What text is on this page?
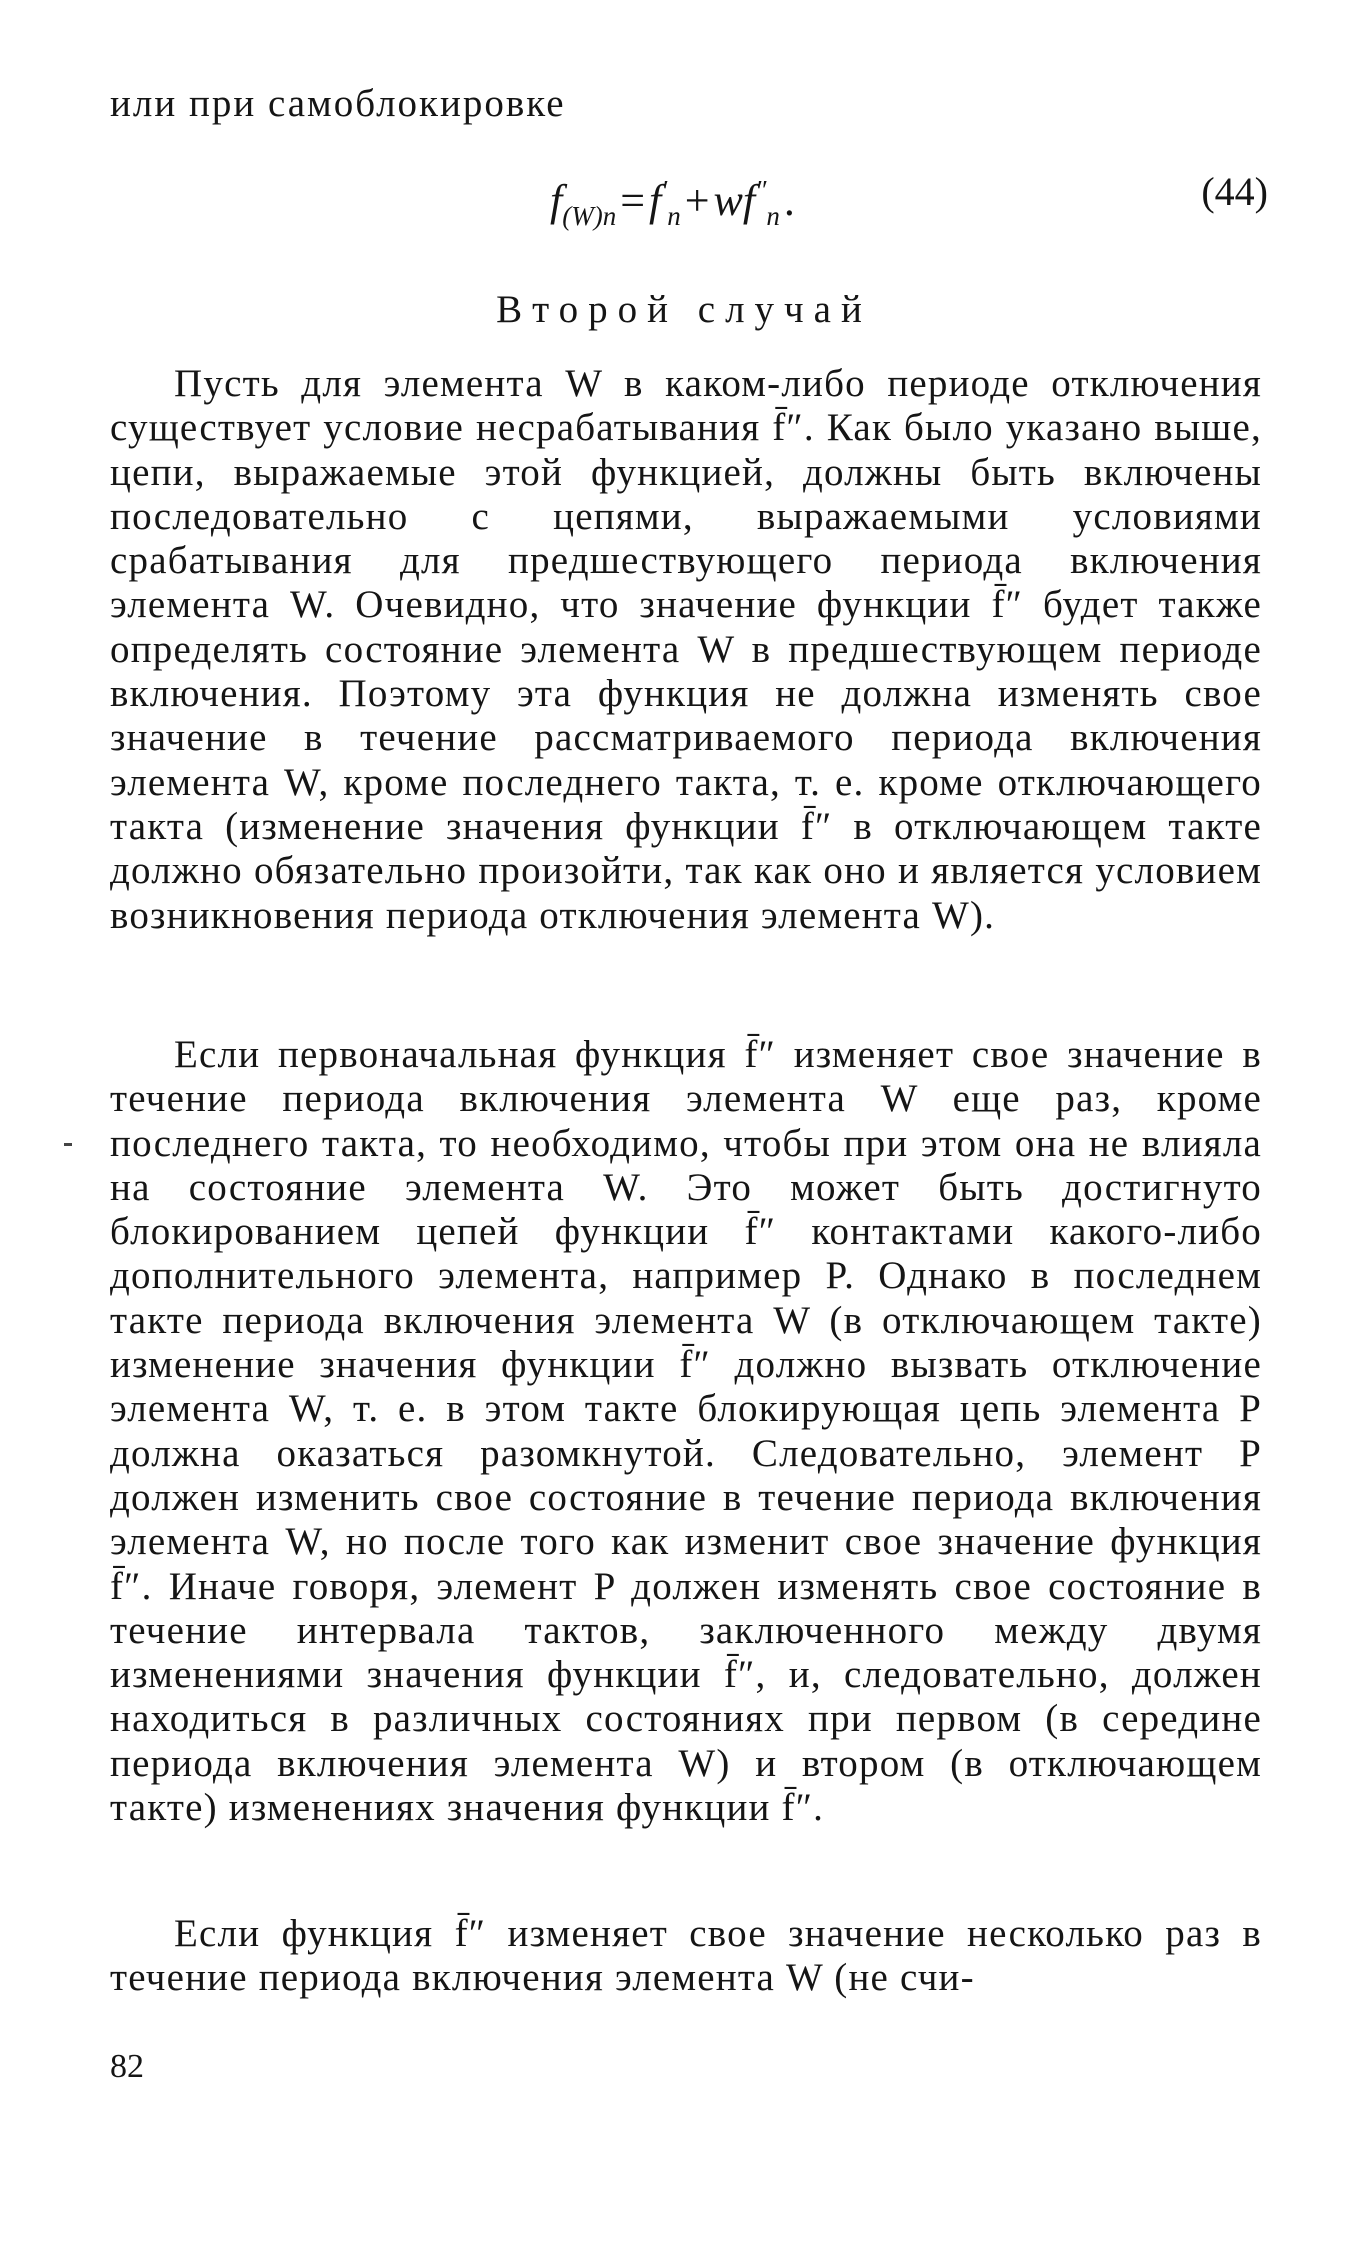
или при самоблокировке
$f_{(W)n}=f'_n+wf''_n$.	(44)
Второй случай

Пусть для элемента W в каком-либо периоде отключения существует условие несрабатывания f̄″. Как было указано выше, цепи, выражаемые этой функцией, должны быть включены последовательно с цепями, выражаемыми условиями срабатывания для предшествующего периода включения элемента W. Очевидно, что значение функции f̄″ будет также определять состояние элемента W в предшествующем периоде включения. Поэтому эта функция не должна изменять свое значение в течение рассматриваемого периода включения элемента W, кроме последнего такта, т. е. кроме отключающего такта (изменение значения функции f̄″ в отключающем такте должно обязательно произойти, так как оно и является условием возникновения периода отключения элемента W).

Если первоначальная функция f̄″ изменяет свое значение в течение периода включения элемента W еще раз, кроме последнего такта, то необходимо, чтобы при этом она не влияла на состояние элемента W. Это может быть достигнуто блокированием цепей функции f̄″ контактами какого-либо дополнительного элемента, например P. Однако в последнем такте периода включения элемента W (в отключающем такте) изменение значения функции f̄″ должно вызвать отключение элемента W, т. е. в этом такте блокирующая цепь элемента P должна оказаться разомкнутой. Следовательно, элемент P должен изменить свое состояние в течение периода включения элемента W, но после того как изменит свое значение функция f̄″. Иначе говоря, элемент P должен изменять свое состояние в течение интервала тактов, заключенного между двумя изменениями значения функции f̄″, и, следовательно, должен находиться в различных состояниях при первом (в середине периода включения элемента W) и втором (в отключающем такте) изменениях значения функции f̄″.

Если функция f̄″ изменяет свое значение несколько раз в течение периода включения элемента W (не счи-

82
